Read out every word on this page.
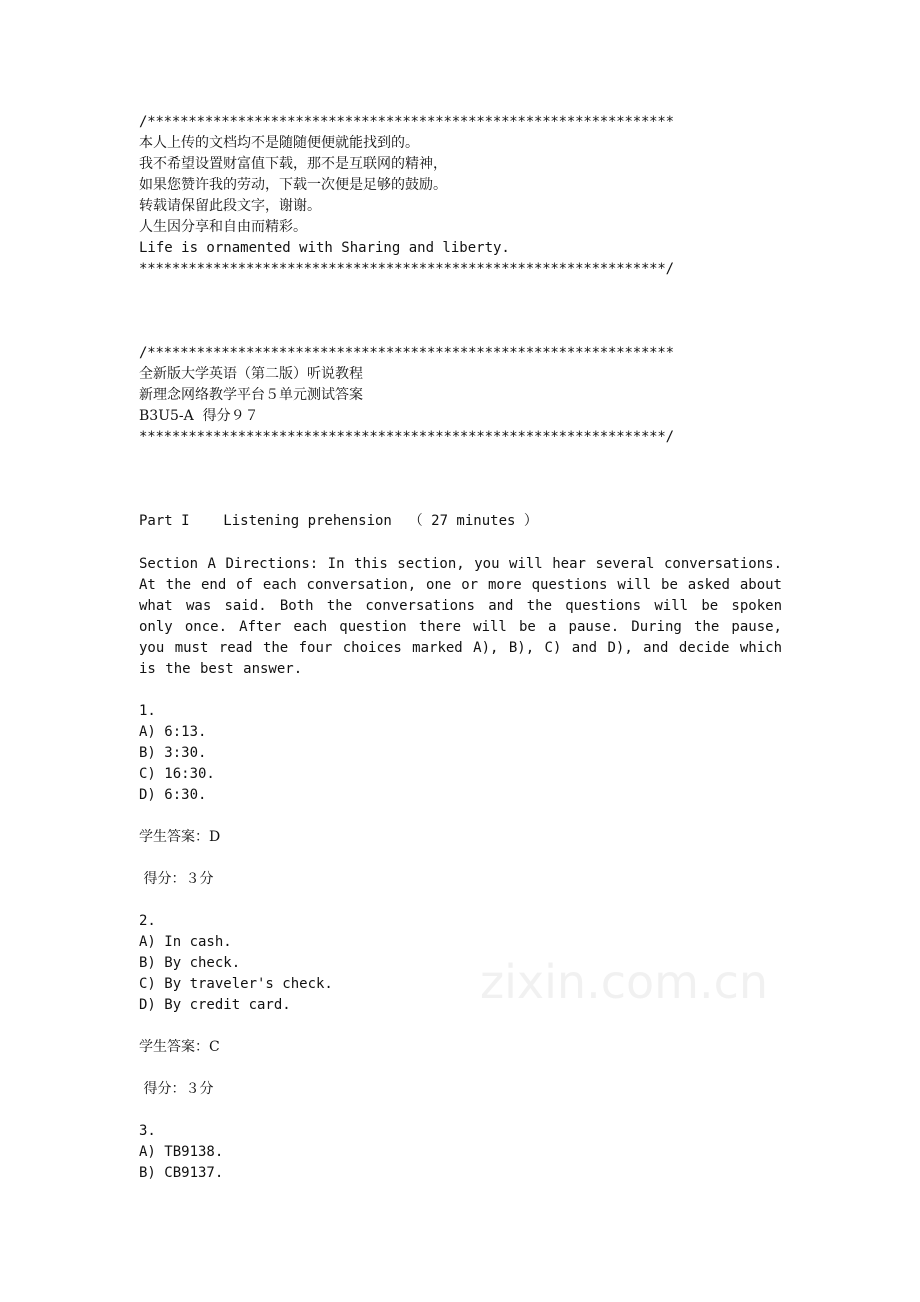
/****************************************************************
本人上传的文档均不是随随便便就能找到的。
我不希望设置财富值下载，那不是互联网的精神，
如果您赞许我的劳动，下载一次便是足够的鼓励。
转载请保留此段文字，谢谢。
人生因分享和自由而精彩。
Life is ornamented with Sharing and liberty.
****************************************************************/
/****************************************************************
全新版大学英语（第二版）听说教程
新理念网络教学平台５单元测试答案
B3U5-A  得分９７
****************************************************************/
Part I    Listening prehension  （ 27 minutes ）
Section A Directions: In this section, you will hear several conversations. At the end of each conversation, one or more questions will be asked about what was said. Both the conversations and the questions will be spoken only once. After each question there will be a pause. During the pause, you must read the four choices marked A), B), C) and D), and decide which is the best answer.
1.
A) 6:13.
B) 3:30.
C) 16:30.
D) 6:30.
学生答案：D
得分：３分
2.
A) In cash.
B) By check.
C) By traveler's check.
D) By credit card.
学生答案：C
得分：３分
3.
A) TB9138.
B) CB9137.
zixin.com.cn
